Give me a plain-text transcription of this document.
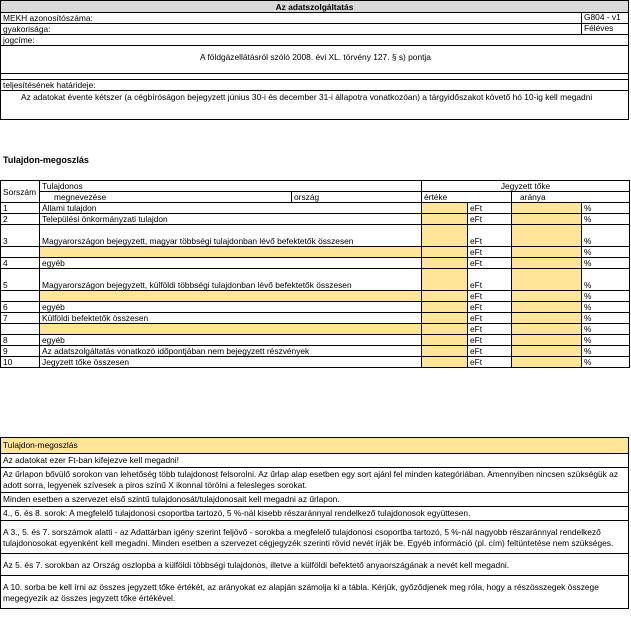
Az adatszolgáltatás
MEKH azonosítószáma:	G804 - v1
gyakorisága:	Féléves
jogcíme:
A földgázellátásról szóló 2008. évi XL. törvény 127. § s) pontja
teljesítésének határideje:
Az adatokat évente kétszer (a cégbíróságon bejegyzett június 30-i és december 31-i állapotra vonatkozóan) a tárgyidőszakot követő hó 10-ig kell megadni
Tulajdon-megoszlás
Sorszám	Tulajdonos		Jegyzett tőke			
	megnevezése	ország	értéke		aránya	
1	Állami tulajdon			eFt		%
2	Települési önkormányzati tulajdon			eFt		%
3	Magyarországon bejegyzett, magyar többségi tulajdonban lévő befektetők összesen			eFt		%
				eFt		%
4	egyéb			eFt		%
5	Magyarországon bejegyzett, külföldi többségi tulajdonban lévő befektetők összesen			eFt		%
				eFt		%
6	egyéb			eFt		%
7	Külföldi befektetők összesen			eFt		%
				eFt		%
8	egyéb			eFt		%
9	Az adatszolgáltatás vonatkozó időpontjában nem bejegyzett részvények			eFt		%
10	Jegyzett tőke összesen			eFt		%
Tulajdon-megoszlás
Az adatokat ezer Ft-ban kifejezve kell megadni!
Az űrlapon bővülő sorokon van lehetőség több tulajdonost felsorolni. Az űrlap alap esetben egy sort ajánl fel minden kategóriában. Amennyiben nincsen szükségük az adott sorra, legyenek szívesek a piros színű X ikonnal törölni a felesleges sorokat.
Minden esetben a szervezet első szintű tulajdonosát/tulajdonosait kell megadni az űrlapon.
4., 6. és 8. sorok: A megfelelő tulajdonosi csoportba tartozó, 5 %-nál kisebb részaránnyal rendelkező tulajdonosok együttesen.
A 3., 5. és 7. sorszámok alatti - az Adattárban igény szerint feljövő - sorokba a megfelelő tulajdonosi csoportba tartozó, 5 %-nál nagyobb részaránnyal rendelkező tulajdonosokat egyenként kell megadni. Minden esetben a szervezet cégjegyzék szerinti rövid nevét írják be. Egyéb információ (pl. cím) feltüntetése nem szükséges.
Az 5. és 7. sorokban az Ország oszlopba a külföldi többségi tulajdonos, illetve a külföldi befektető anyaországának a nevét kell megadni.
A 10. sorba be kell írni az összes jegyzett tőke értékét, az arányokat ez alapján számolja ki a tábla. Kérjük, győződjenek meg róla, hogy a részösszegek összege megegyezik az összes jegyzett tőke értékével.
